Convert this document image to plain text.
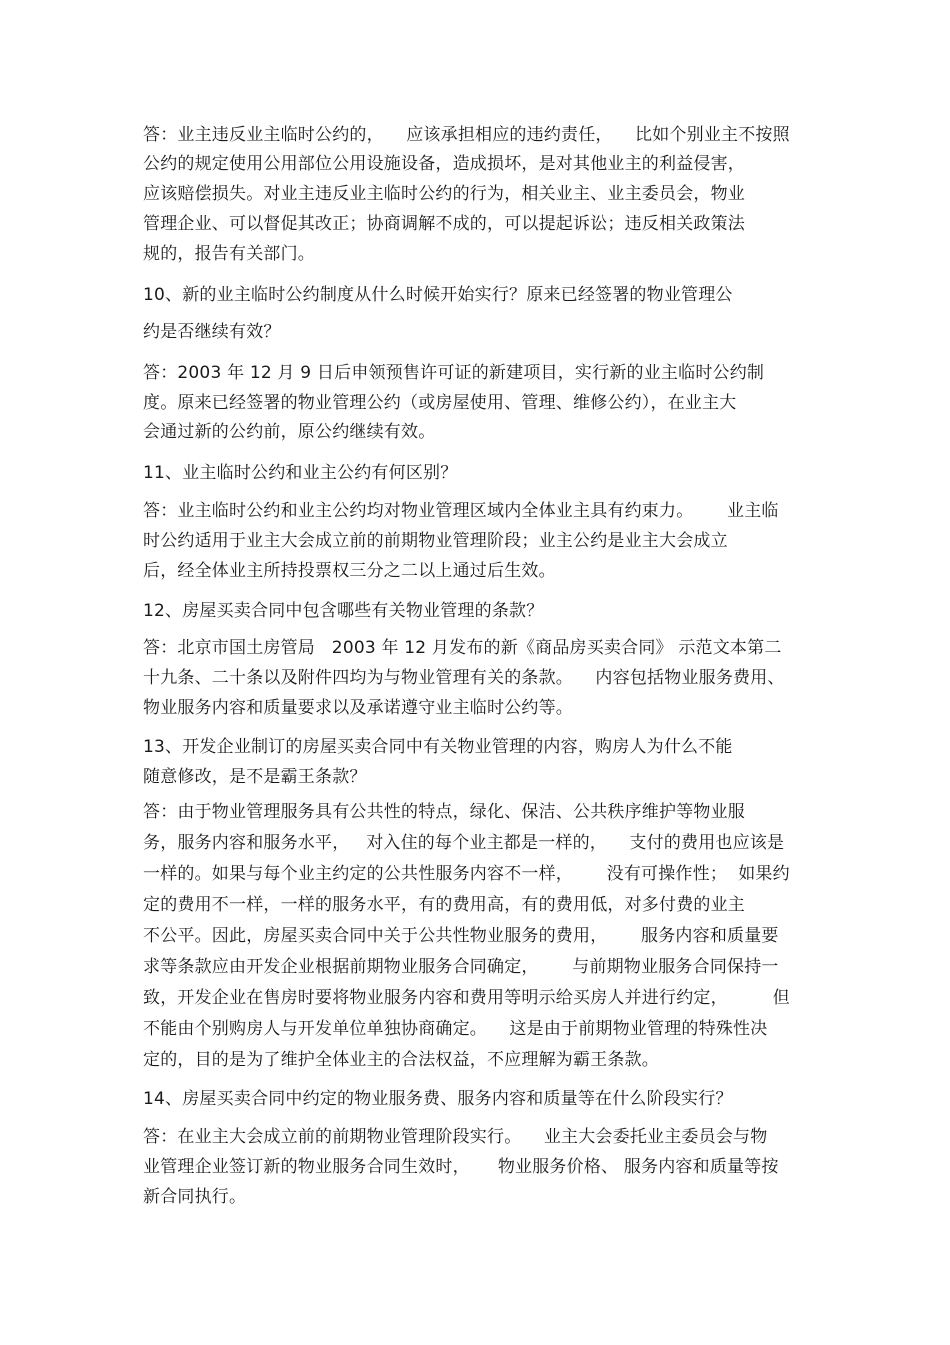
答：业主违反业主临时公约的，    应该承担相应的违约责任，    比如个别业主不按照
公约的规定使用公用部位公用设施设备，造成损坏，是对其他业主的利益侵害，
应该赔偿损失。对业主违反业主临时公约的行为，相关业主、业主委员会，物业
管理企业、可以督促其改正；协商调解不成的，可以提起诉讼；违反相关政策法
规的，报告有关部门。
10、新的业主临时公约制度从什么时候开始实行？原来已经签署的物业管理公
约是否继续有效？
答：2003 年 12 月 9 日后申领预售许可证的新建项目，实行新的业主临时公约制
度。原来已经签署的物业管理公约（或房屋使用、管理、维修公约），在业主大
会通过新的公约前，原公约继续有效。
11、业主临时公约和业主公约有何区别？
答：业主临时公约和业主公约均对物业管理区域内全体业主具有约束力。      业主临
时公约适用于业主大会成立前的前期物业管理阶段；业主公约是业主大会成立
后，经全体业主所持投票权三分之二以上通过后生效。
12、房屋买卖合同中包含哪些有关物业管理的条款？
答：北京市国土房管局   2003 年 12 月发布的新《商品房买卖合同》 示范文本第二
十九条、二十条以及附件四均为与物业管理有关的条款。    内容包括物业服务费用、
物业服务内容和质量要求以及承诺遵守业主临时公约等。
13、开发企业制订的房屋买卖合同中有关物业管理的内容，购房人为什么不能
随意修改，是不是霸王条款？
答：由于物业管理服务具有公共性的特点，绿化、保洁、公共秩序维护等物业服
务，服务内容和服务水平，   对入住的每个业主都是一样的，    支付的费用也应该是
一样的。如果与每个业主约定的公共性服务内容不一样，      没有可操作性；  如果约
定的费用不一样，一样的服务水平，有的费用高，有的费用低，对多付费的业主
不公平。因此，房屋买卖合同中关于公共性物业服务的费用，      服务内容和质量要
求等条款应由开发企业根据前期物业服务合同确定，      与前期物业服务合同保持一
致，开发企业在售房时要将物业服务内容和费用等明示给买房人并进行约定，        但
不能由个别购房人与开发单位单独协商确定。    这是由于前期物业管理的特殊性决
定的，目的是为了维护全体业主的合法权益，不应理解为霸王条款。
14、房屋买卖合同中约定的物业服务费、服务内容和质量等在什么阶段实行？
答：在业主大会成立前的前期物业管理阶段实行。    业主大会委托业主委员会与物
业管理企业签订新的物业服务合同生效时，     物业服务价格、 服务内容和质量等按
新合同执行。
